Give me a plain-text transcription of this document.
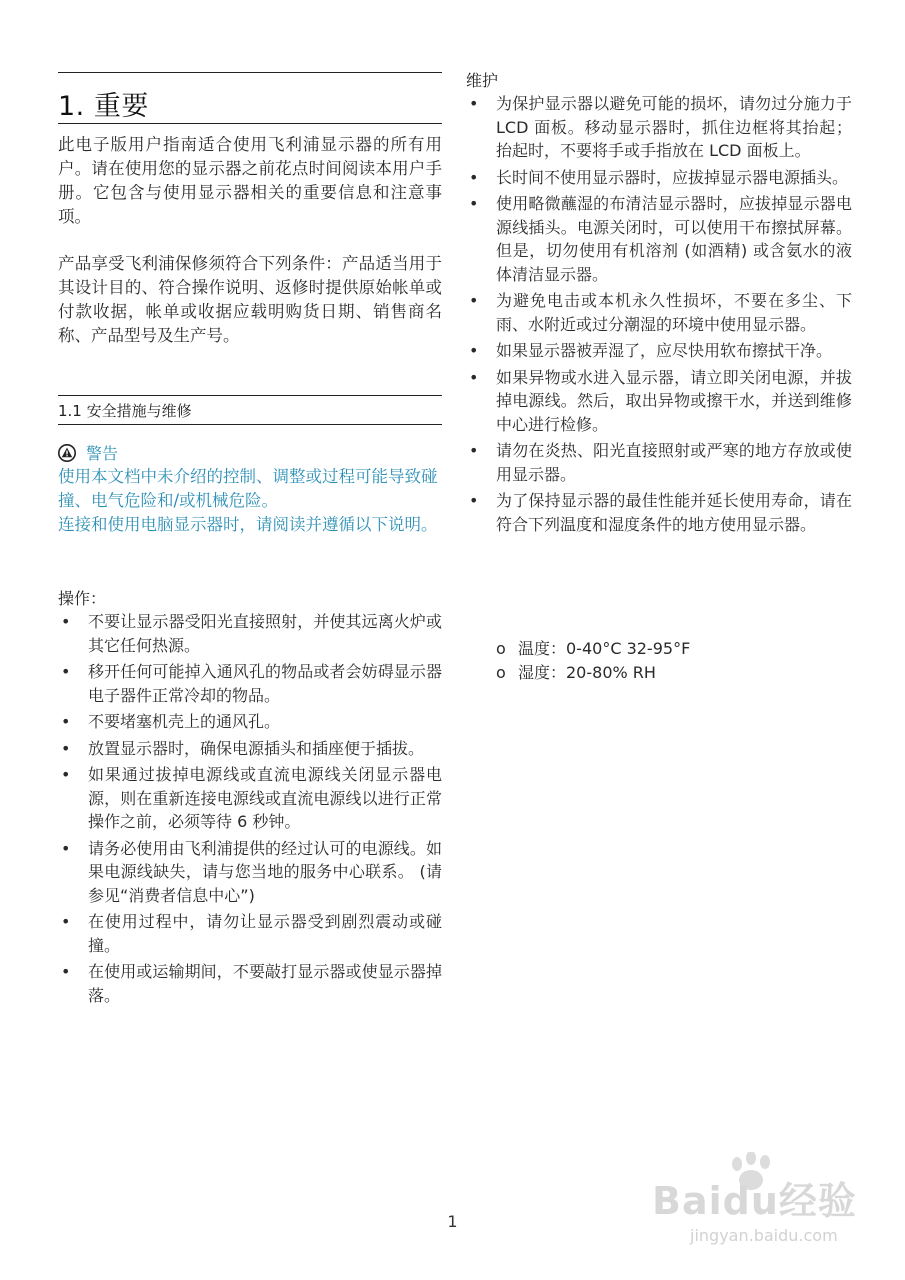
1. 重要
此电子版用户指南适合使用飞利浦显示器的所有用户。请在使用您的显示器之前花点时间阅读本用户手册。它包含与使用显示器相关的重要信息和注意事项。
产品享受飞利浦保修须符合下列条件：产品适当用于其设计目的、符合操作说明、返修时提供原始帐单或付款收据，帐单或收据应载明购货日期、销售商名称、产品型号及生产号。
1.1 安全措施与维修
警告
使用本文档中未介绍的控制、调整或过程可能导致碰撞、电气危险和/或机械危险。
连接和使用电脑显示器时，请阅读并遵循以下说明。
操作：
• 不要让显示器受阳光直接照射，并使其远离火炉或其它任何热源。
• 移开任何可能掉入通风孔的物品或者会妨碍显示器电子器件正常冷却的物品。
• 不要堵塞机壳上的通风孔。
• 放置显示器时，确保电源插头和插座便于插拔。
• 如果通过拔掉电源线或直流电源线关闭显示器电源，则在重新连接电源线或直流电源线以进行正常操作之前，必须等待 6 秒钟。
• 请务必使用由飞利浦提供的经过认可的电源线。如果电源线缺失，请与您当地的服务中心联系。 (请参见“消费者信息中心”)
• 在使用过程中，请勿让显示器受到剧烈震动或碰撞。
• 在使用或运输期间，不要敲打显示器或使显示器掉落。
维护
• 为保护显示器以避免可能的损坏，请勿过分施力于 LCD 面板。移动显示器时，抓住边框将其抬起；抬起时，不要将手或手指放在 LCD 面板上。
• 长时间不使用显示器时，应拔掉显示器电源插头。
• 使用略微蘸湿的布清洁显示器时，应拔掉显示器电源线插头。电源关闭时，可以使用干布擦拭屏幕。但是，切勿使用有机溶剂 (如酒精) 或含氨水的液体清洁显示器。
• 为避免电击或本机永久性损坏，不要在多尘、下雨、水附近或过分潮湿的环境中使用显示器。
• 如果显示器被弄湿了，应尽快用软布擦拭干净。
• 如果异物或水进入显示器，请立即关闭电源，并拔掉电源线。然后，取出异物或擦干水，并送到维修中心进行检修。
• 请勿在炎热、阳光直接照射或严寒的地方存放或使用显示器。
• 为了保持显示器的最佳性能并延长使用寿命，请在符合下列温度和湿度条件的地方使用显示器。
o 温度：0-40°C 32-95°F
o 湿度：20-80% RH
1	Baidu经验
jingyan.baidu.com
